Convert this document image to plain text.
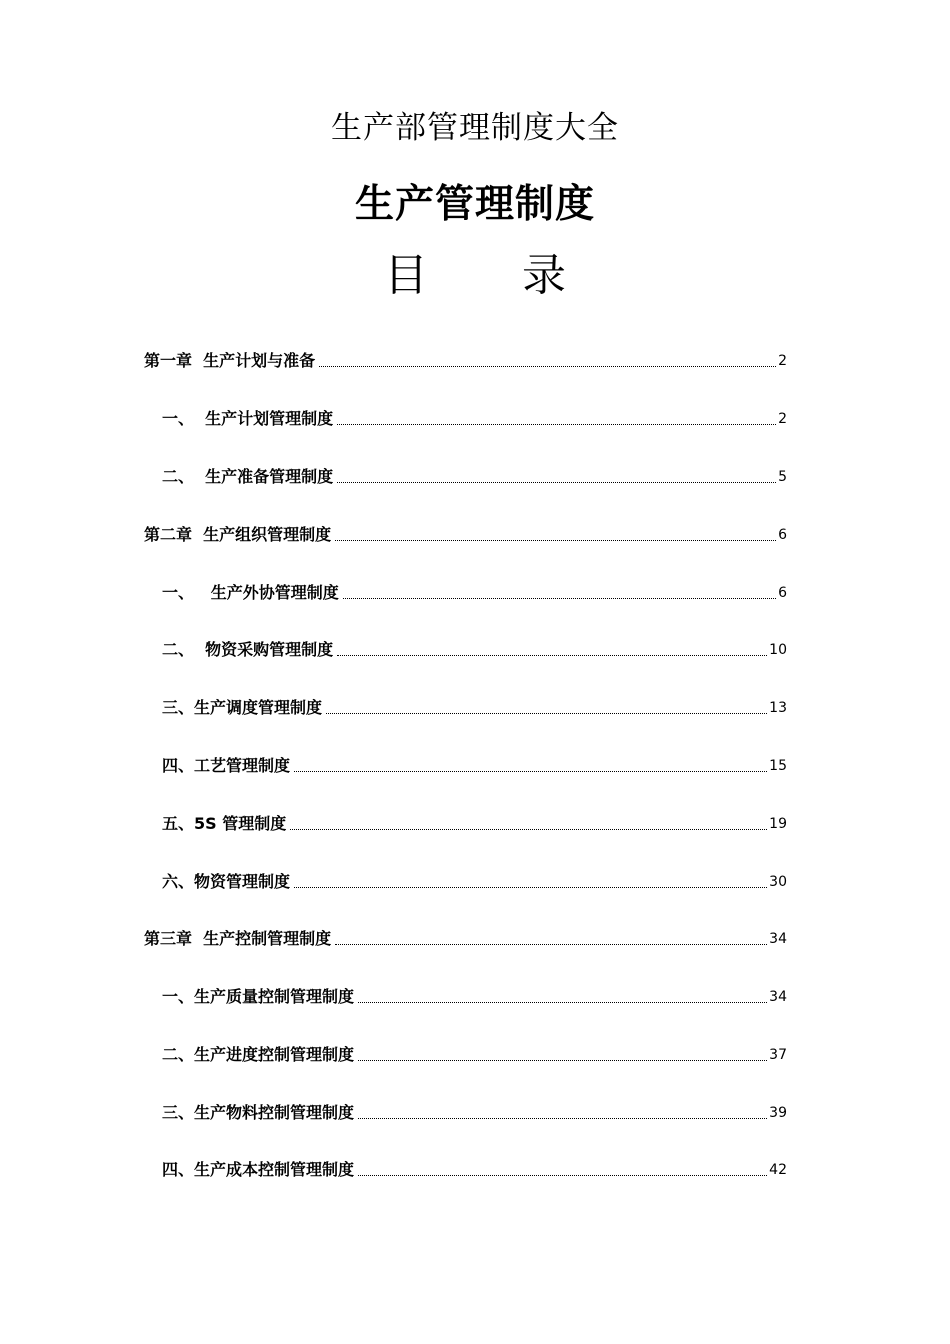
生产部管理制度大全
生产管理制度
目 录
第一章  生产计划与准备	2
一、  生产计划管理制度	2
二、  生产准备管理制度	5
第二章  生产组织管理制度	6
一、   生产外协管理制度	6
二、  物资采购管理制度	10
三、生产调度管理制度	13
四、工艺管理制度	15
五、5S 管理制度	19
六、物资管理制度	30
第三章  生产控制管理制度	34
一、生产质量控制管理制度	34
二、生产进度控制管理制度	37
三、生产物料控制管理制度	39
四、生产成本控制管理制度	42
